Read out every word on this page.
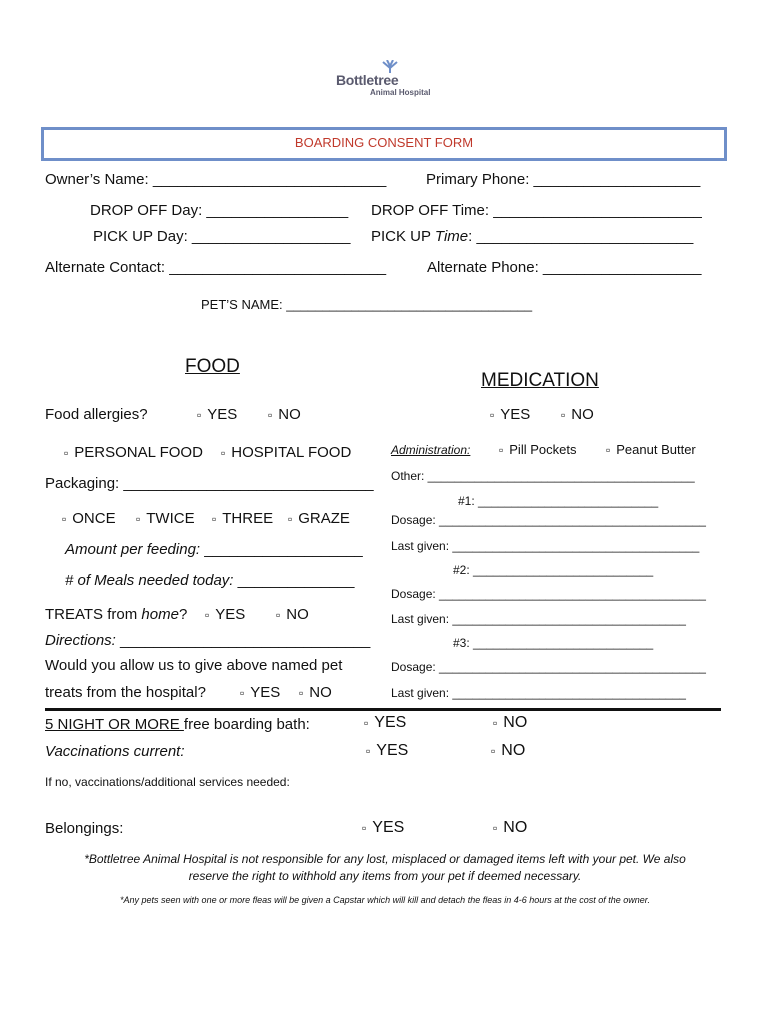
Bottletree
Animal Hospital
BOARDING CONSENT FORM
Owner’s Name: ____________________________	Primary Phone: ____________________
DROP OFF Day: _________________ DROP OFF Time: _________________________
PICK UP Day: ___________________ PICK UP Time: __________________________
Alternate Contact: __________________________	Alternate Phone: ___________________
PET’S NAME: __________________________________
FOOD
Food allergies?	▫ YES	▫ NO
▫ PERSONAL FOOD ▫ HOSPITAL FOOD
Packaging: ______________________________
▫ ONCE ▫ TWICE ▫ THREE ▫ GRAZE
Amount per feeding: ___________________
# of Meals needed today: ______________
TREATS from home? ▫ YES	▫ NO
Directions: ______________________________
Would you allow us to give above named pet
treats from the hospital?	▫ YES ▫ NO
MEDICATION
▫ YES	▫ NO
Administration: ▫ Pill Pockets ▫ Peanut Butter
Other: ________________________________________
#1: ___________________________
Dosage: ________________________________________
Last given: _____________________________________
#2: ___________________________
Dosage: ________________________________________
Last given: ___________________________________
#3: ___________________________
Dosage: ________________________________________
Last given: ___________________________________
5 NIGHT OR MORE free boarding bath:	▫ YES	▫ NO
Vaccinations current:	▫ YES	▫ NO
If no, vaccinations/additional services needed:
Belongings:	▫ YES	▫ NO
*Bottletree Animal Hospital is not responsible for any lost, misplaced or damaged items left with your pet. We also
reserve the right to withhold any items from your pet if deemed necessary.
*Any pets seen with one or more fleas will be given a Capstar which will kill and detach the fleas in 4-6 hours at the cost of the owner.
